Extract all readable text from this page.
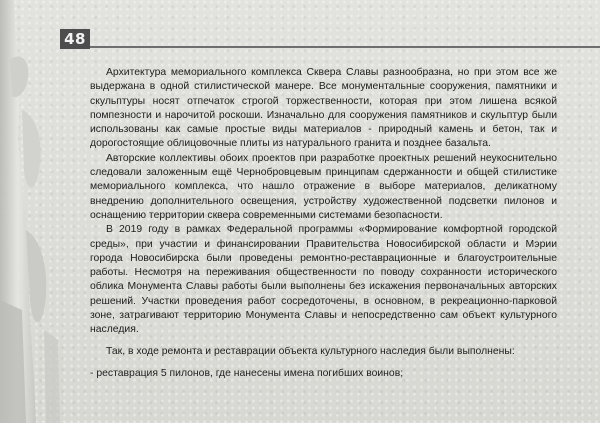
48

Архитектура мемориального комплекса Сквера Славы разнообразна, но при этом все же выдержана в одной стилистической манере. Все монументальные сооружения, памятники и скульптуры носят отпечаток строгой торжественности, которая при этом лишена всякой помпезности и нарочитой роскоши. Изначально для сооружения памятников и скульптур были использованы как самые простые виды материалов - природный камень и бетон, так и дорогостоящие облицовочные плиты из натурального гранита и позднее базальта.

Авторские коллективы обоих проектов при разработке проектных решений неукоснительно следовали заложенным ещё Чернобровцевым принципам сдержанности и общей стилистике мемориального комплекса, что нашло отражение в выборе материалов, деликатному внедрению дополнительного освещения, устройству художественной подсветки пилонов и оснащению территории сквера современными системами безопасности.

В 2019 году в рамках Федеральной программы «Формирование комфортной городской среды», при участии и финансировании Правительства Новосибирской области и Мэрии города Новосибирска были проведены ремонтно-реставрационные и благоустроительные работы. Несмотря на переживания общественности по поводу сохранности исторического облика Монумента Славы работы были выполнены без искажения первоначальных авторских решений. Участки проведения работ сосредоточены, в основном, в рекреационно-парковой зоне, затрагивают территорию Монумента Славы и непосредственно сам объект культурного наследия.

Так, в ходе ремонта и реставрации объекта культурного наследия были выполнены:

- реставрация 5 пилонов, где нанесены имена погибших воинов;
